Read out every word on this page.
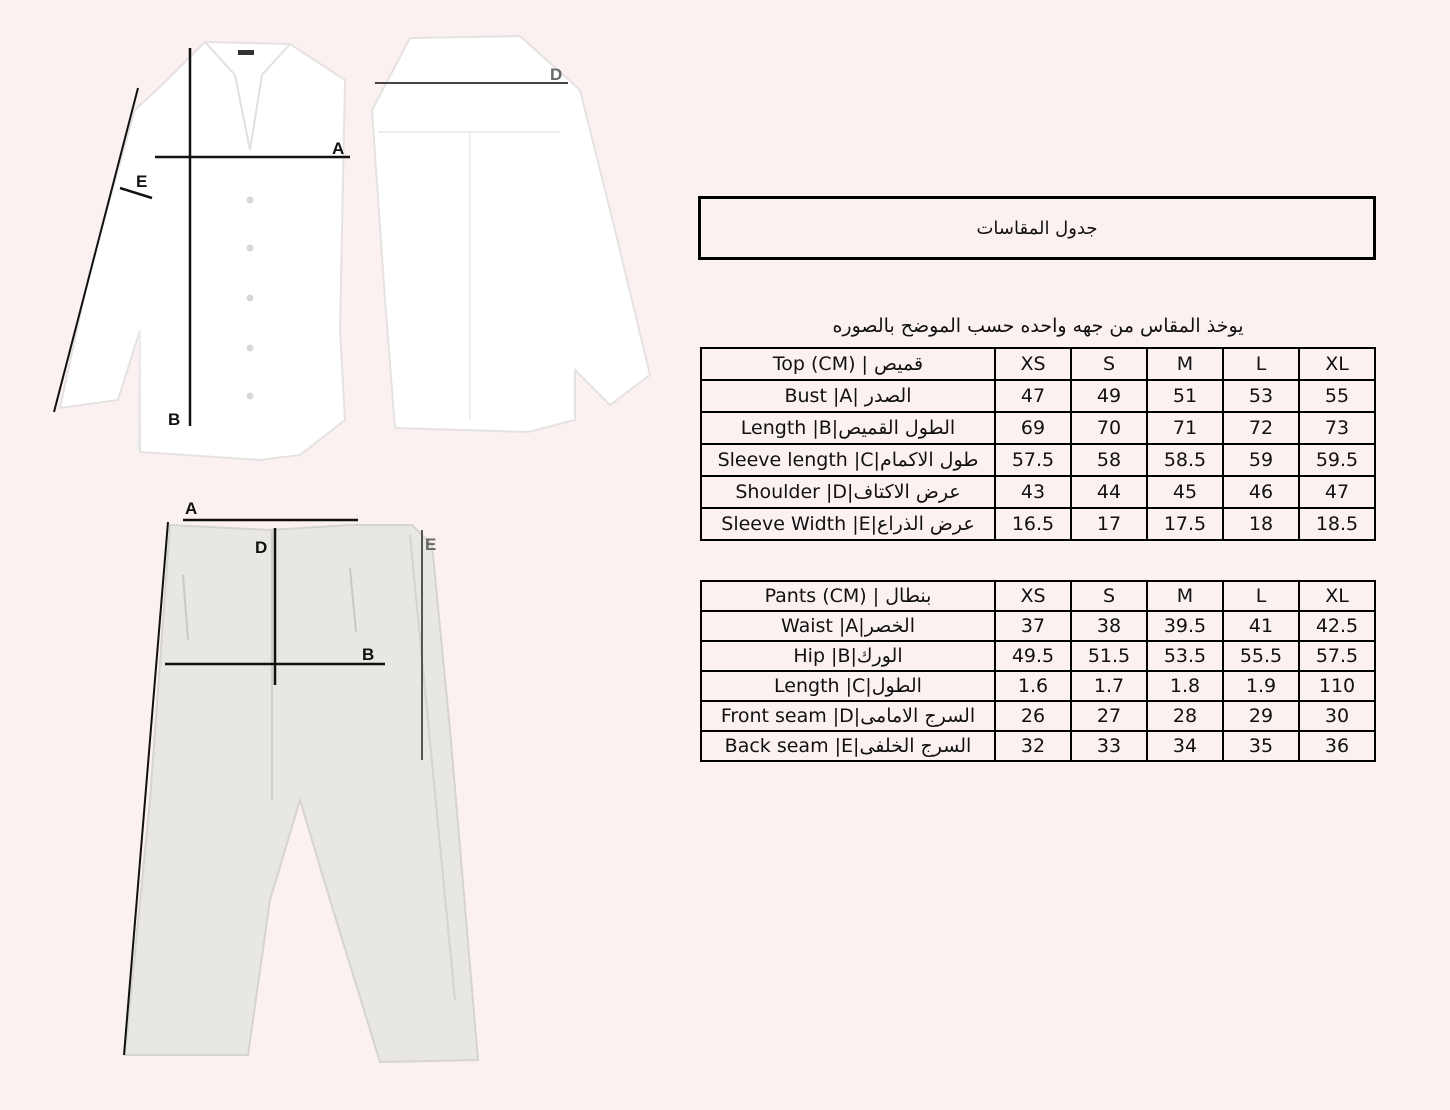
A
B
D
E
A
B
D	E
جدول المقاسات
يوخذ المقاس من جهه واحده حسب الموضح بالصوره
Top (CM) | قميص	XS	S	M	L	XL
Bust |A| الصدر	47	49	51	53	55
Length |B|الطول القميص	69	70	71	72	73
Sleeve length |C|طول الاكمام	57.5	58	58.5	59	59.5
Shoulder |D|عرض الاكتاف	43	44	45	46	47
Sleeve Width |E|عرض الذراع	16.5	17	17.5	18	18.5
Pants (CM) | بنطال	XS	S	M	L	XL
Waist |A|الخصر	37	38	39.5	41	42.5
Hip |B|الورك	49.5	51.5	53.5	55.5	57.5
Length |C|الطول	1.6	1.7	1.8	1.9	110
Front seam |D|السرج الامامى	26	27	28	29	30
Back seam |E|السرج الخلفى	32	33	34	35	36
